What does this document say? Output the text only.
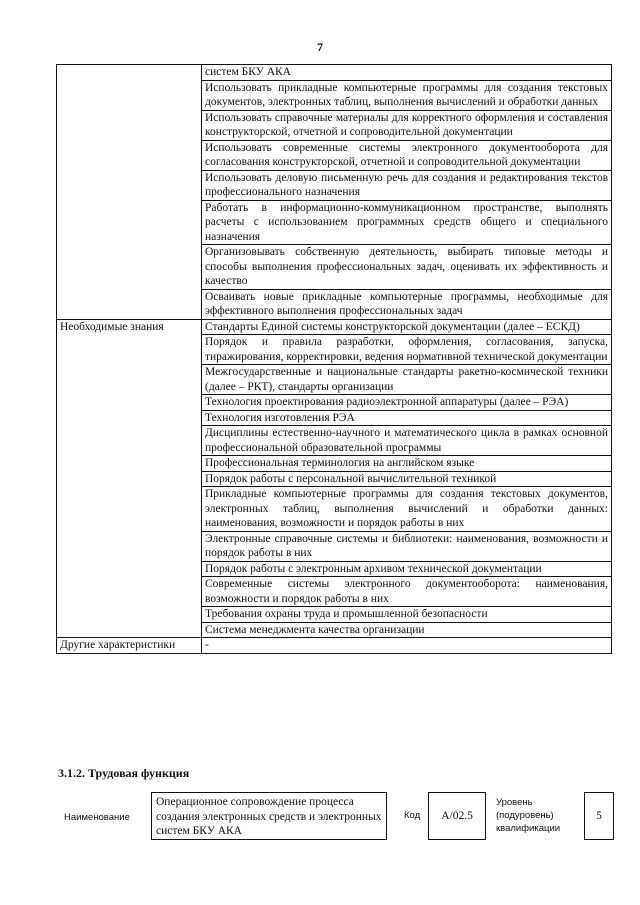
7
	систем БКУ АКА
	Использовать прикладные компьютерные программы для создания текстовых документов, электронных таблиц, выполнения вычислений и обработки данных
	Использовать справочные материалы для корректного оформления и составления конструкторской, отчетной и сопроводительной документации
	Использовать современные системы электронного документооборота для согласования конструкторской, отчетной и сопроводительной документации
	Использовать деловую письменную речь для создания и редактирования текстов профессионального назначения
	Работать в информационно-коммуникационном пространстве, выполнять расчеты с использованием программных средств общего и специального назначения
	Организовывать собственную деятельность, выбирать типовые методы и способы выполнения профессиональных задач, оценивать их эффективность и качество
	Осваивать новые прикладные компьютерные программы, необходимые для эффективного выполнения профессиональных задач
Необходимые знания	Стандарты Единой системы конструкторской документации (далее – ЕСКД)
	Порядок и правила разработки, оформления, согласования, запуска, тиражирования, корректировки, ведения нормативной технической документации
	Межгосударственные и национальные стандарты ракетно-космической техники (далее – РКТ), стандарты организации
	Технология проектирования радиоэлектронной аппаратуры (далее – РЭА)
	Технология изготовления РЭА
	Дисциплины естественно-научного и математического цикла в рамках основной профессиональной образовательной программы
	Профессиональная терминология на английском языке
	Порядок работы с персональной вычислительной техникой
	Прикладные компьютерные программы для создания текстовых документов, электронных таблиц, выполнения вычислений и обработки данных: наименования, возможности и порядок работы в них
	Электронные справочные системы и библиотеки: наименования, возможности и порядок работы в них
	Порядок работы с электронным архивом технической документации
	Современные системы электронного документооборота: наименования, возможности и порядок работы в них
	Требования охраны труда и промышленной безопасности
	Система менеджмента качества организации
Другие характеристики	-
3.1.2. Трудовая функция
Наименование
Операционное сопровождение процесса создания электронных средств и электронных систем БКУ АКА
Код	А/02.5
Уровень (подуровень) квалификации
5
